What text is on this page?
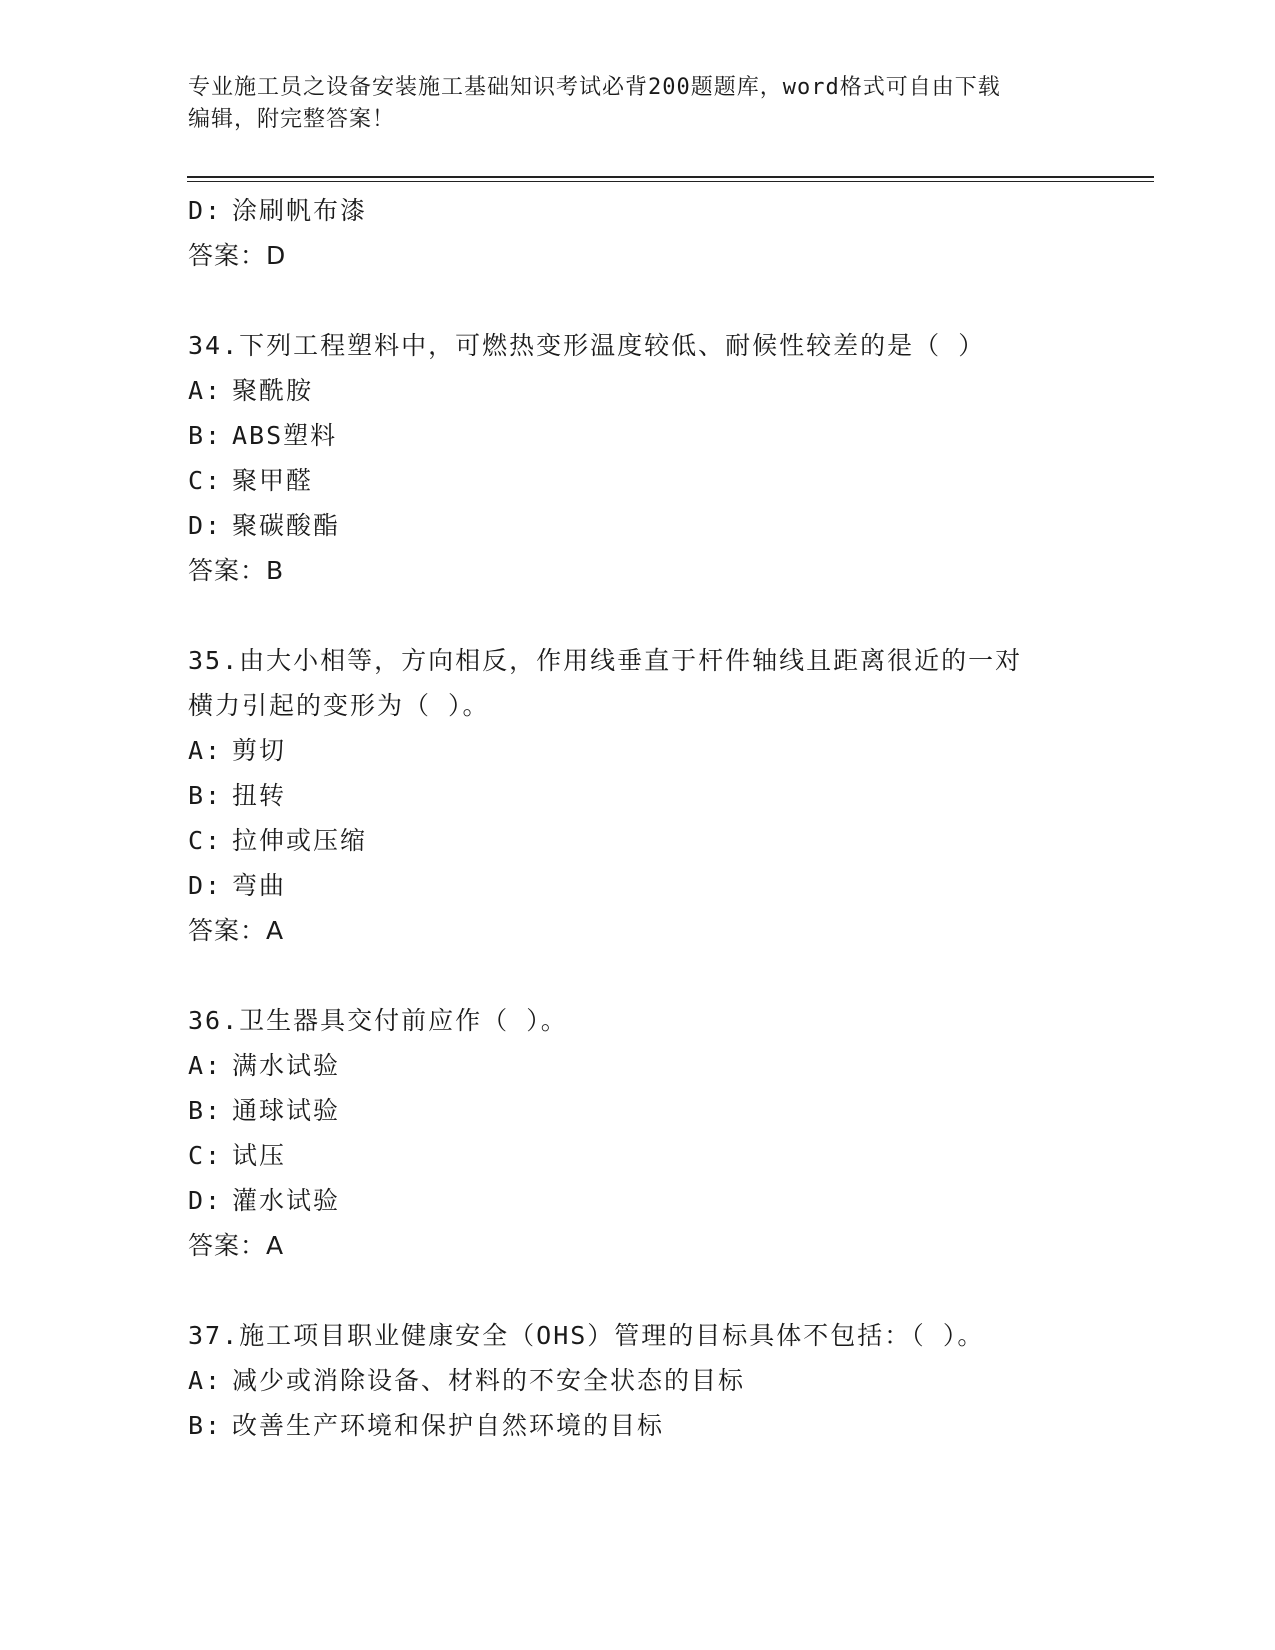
专业施工员之设备安装施工基础知识考试必背200题题库，word格式可自由下载
编辑，附完整答案！
D: 涂刷帆布漆
答案：D
34.下列工程塑料中，可燃热变形温度较低、耐候性较差的是（ ）
A: 聚酰胺
B: ABS塑料
C: 聚甲醛
D: 聚碳酸酯
答案：B
35.由大小相等，方向相反，作用线垂直于杆件轴线且距离很近的一对
横力引起的变形为（ ）。
A: 剪切
B: 扭转
C: 拉伸或压缩
D: 弯曲
答案：A
36.卫生器具交付前应作（ ）。
A: 满水试验
B: 通球试验
C: 试压
D: 灌水试验
答案：A
37.施工项目职业健康安全（OHS）管理的目标具体不包括：（ ）。
A: 减少或消除设备、材料的不安全状态的目标
B: 改善生产环境和保护自然环境的目标
